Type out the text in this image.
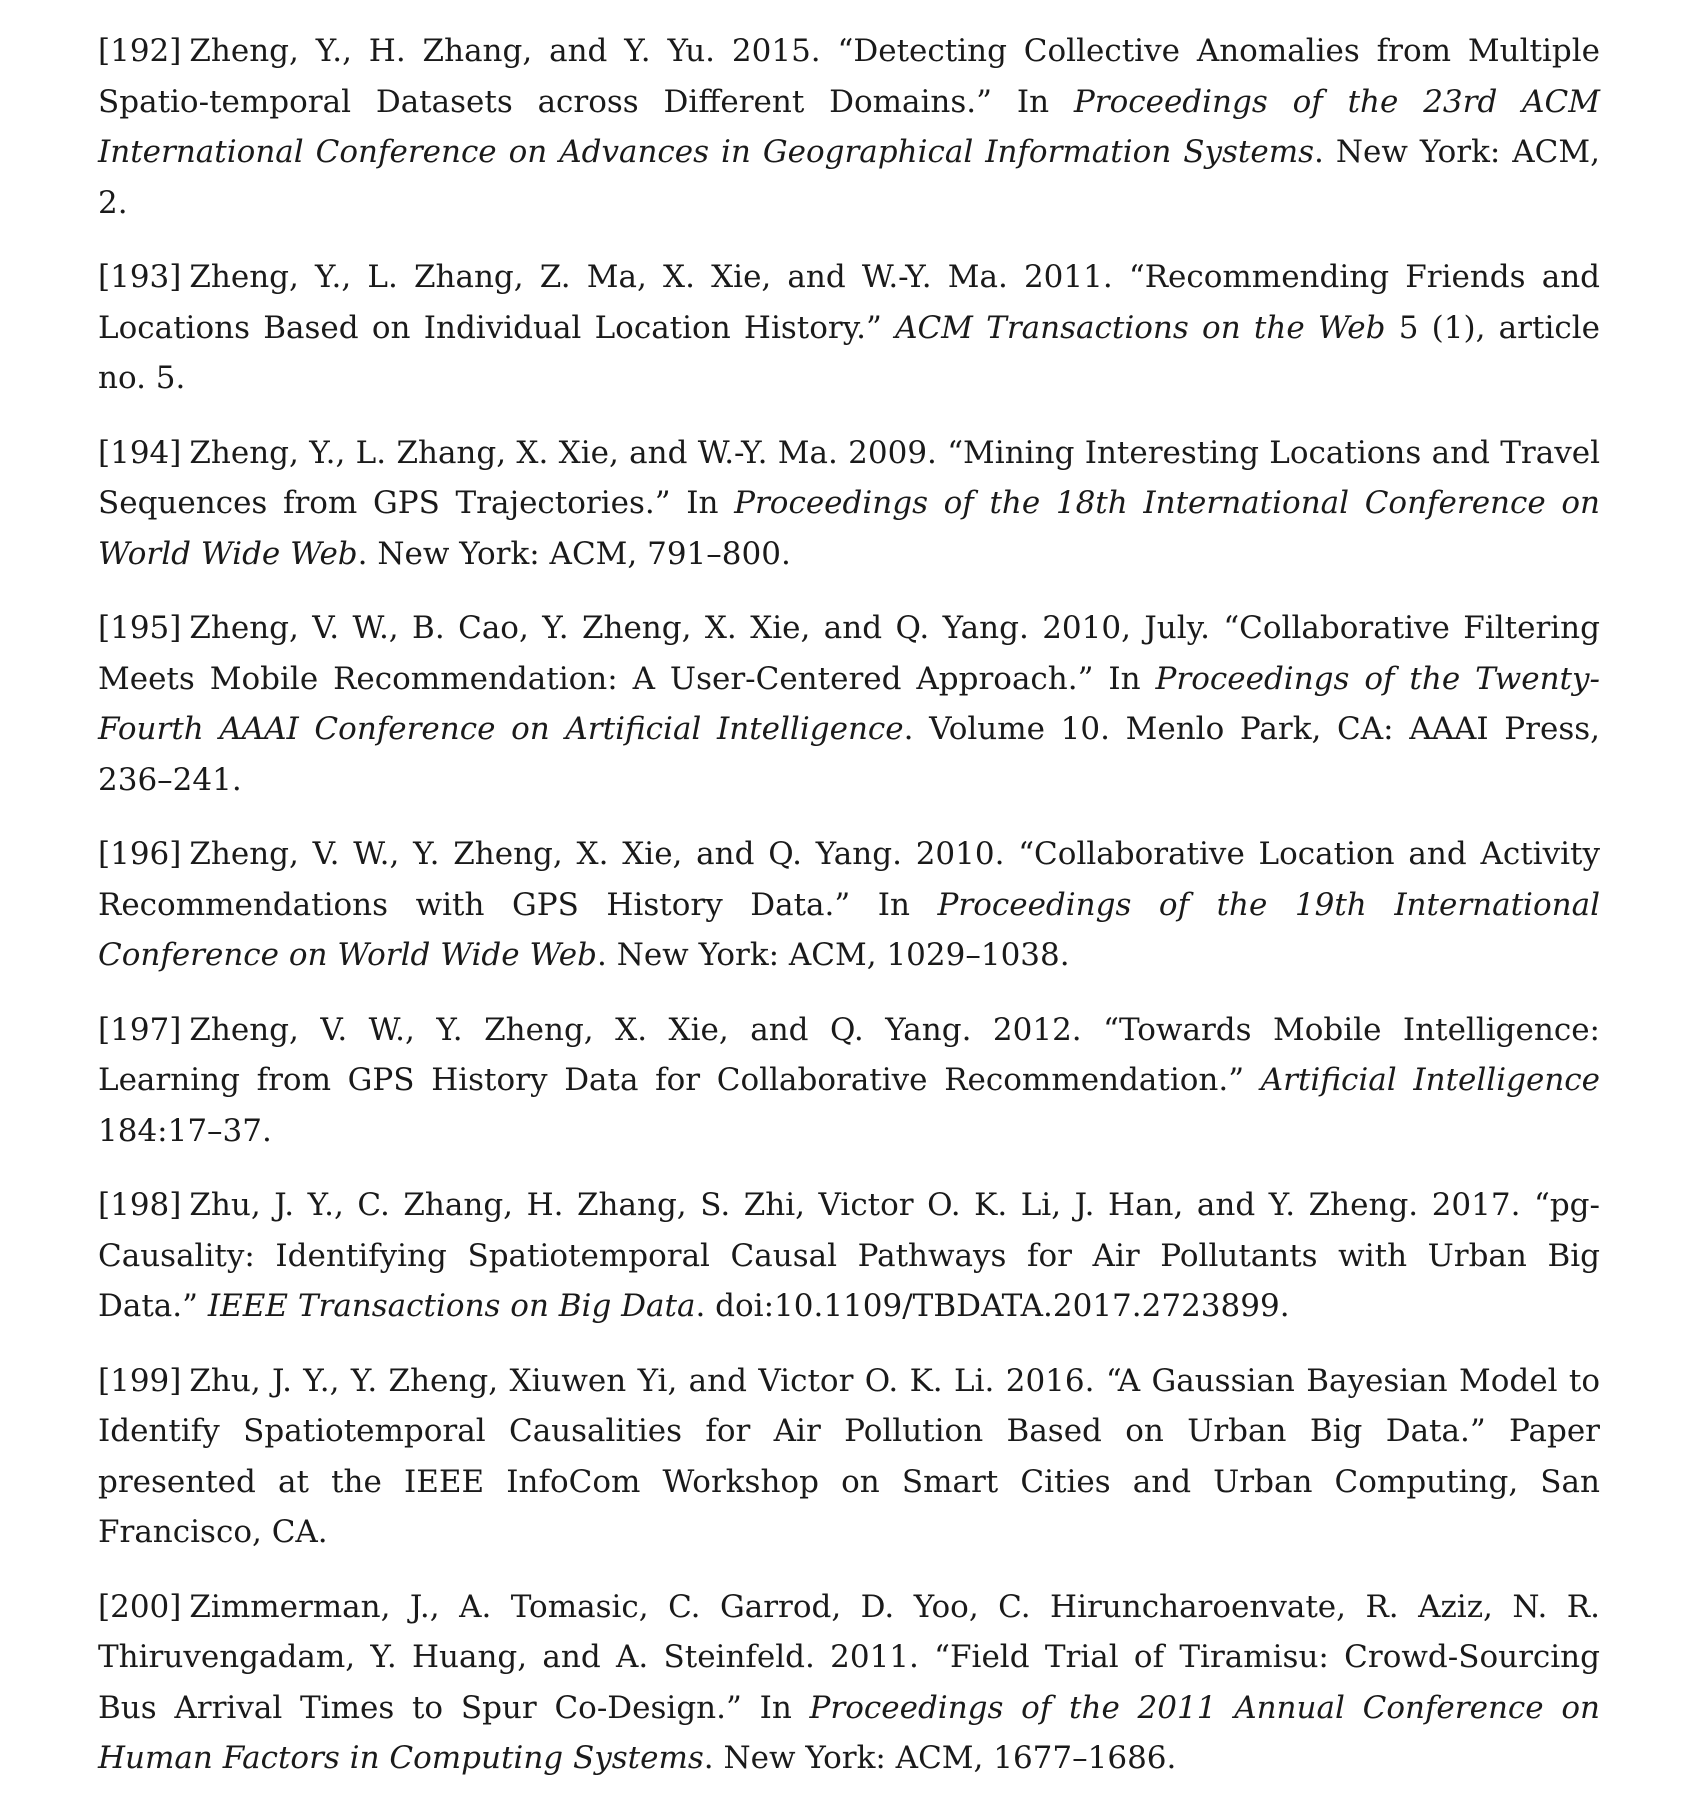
[192] Zheng, Y., H. Zhang, and Y. Yu. 2015. “Detecting Collective Anomalies from Multiple Spatio-temporal Datasets across Different Domains.” In Proceedings of the 23rd ACM International Conference on Advances in Geographical Information Systems. New York: ACM, 2.

[193] Zheng, Y., L. Zhang, Z. Ma, X. Xie, and W.-Y. Ma. 2011. “Recommending Friends and Locations Based on Individual Location History.” ACM Transactions on the Web 5 (1), article no. 5.

[194] Zheng, Y., L. Zhang, X. Xie, and W.-Y. Ma. 2009. “Mining Interesting Locations and Travel Sequences from GPS Trajectories.” In Proceedings of the 18th International Conference on World Wide Web. New York: ACM, 791–800.

[195] Zheng, V. W., B. Cao, Y. Zheng, X. Xie, and Q. Yang. 2010, July. “Collaborative Filtering Meets Mobile Recommendation: A User-Centered Approach.” In Proceedings of the Twenty-Fourth AAAI Conference on Artificial Intelligence. Volume 10. Menlo Park, CA: AAAI Press, 236–241.

[196] Zheng, V. W., Y. Zheng, X. Xie, and Q. Yang. 2010. “Collaborative Location and Activity Recommendations with GPS History Data.” In Proceedings of the 19th International Conference on World Wide Web. New York: ACM, 1029–1038.

[197] Zheng, V. W., Y. Zheng, X. Xie, and Q. Yang. 2012. “Towards Mobile Intelligence: Learning from GPS History Data for Collaborative Recommendation.” Artificial Intelligence 184:17–37.

[198] Zhu, J. Y., C. Zhang, H. Zhang, S. Zhi, Victor O. K. Li, J. Han, and Y. Zheng. 2017. “pg-Causality: Identifying Spatiotemporal Causal Pathways for Air Pollutants with Urban Big Data.” IEEE Transactions on Big Data. doi:10.1109/TBDATA.2017.2723899.

[199] Zhu, J. Y., Y. Zheng, Xiuwen Yi, and Victor O. K. Li. 2016. “A Gaussian Bayesian Model to Identify Spatiotemporal Causalities for Air Pollution Based on Urban Big Data.” Paper presented at the IEEE InfoCom Workshop on Smart Cities and Urban Computing, San Francisco, CA.

[200] Zimmerman, J., A. Tomasic, C. Garrod, D. Yoo, C. Hiruncharoenvate, R. Aziz, N. R. Thiruvengadam, Y. Huang, and A. Steinfeld. 2011. “Field Trial of Tiramisu: Crowd-Sourcing Bus Arrival Times to Spur Co-Design.” In Proceedings of the 2011 Annual Conference on Human Factors in Computing Systems. New York: ACM, 1677–1686.
